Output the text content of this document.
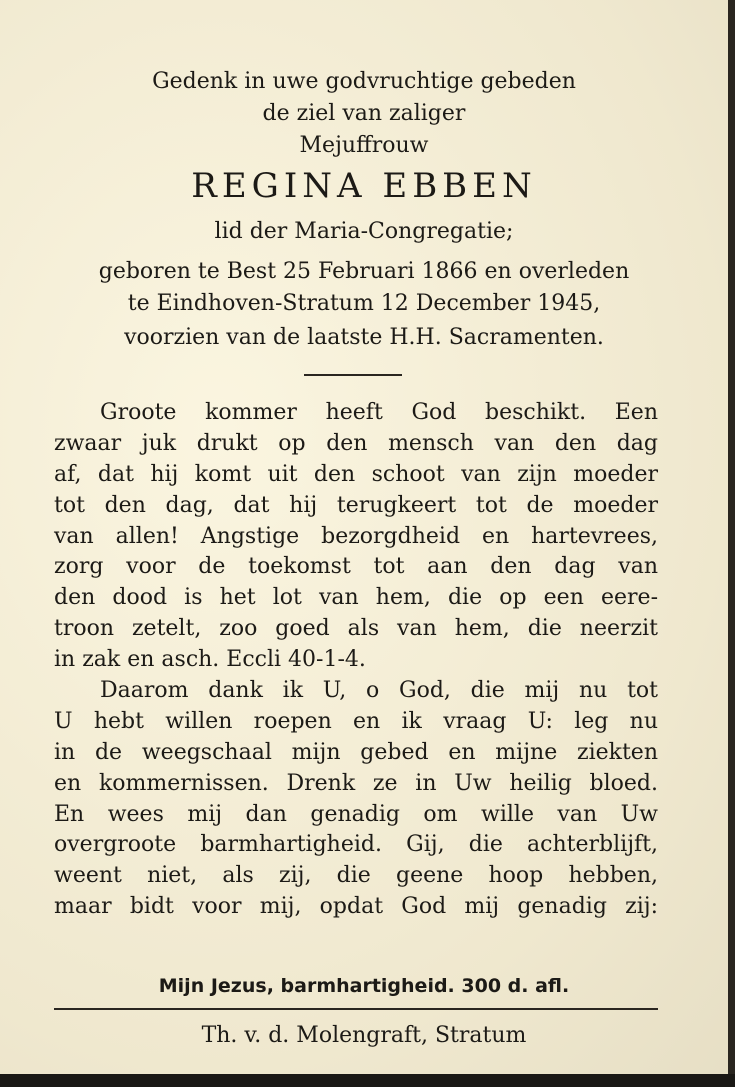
Gedenk in uwe godvruchtige gebeden
de ziel van zaliger
Mejuffrouw
REGINA EBBEN
lid der Maria-Congregatie;
geboren te Best 25 Februari 1866 en overleden
te Eindhoven-Stratum 12 December 1945,
voorzien van de laatste H.H. Sacramenten.
Groote kommer heeft God beschikt. Een
zwaar juk drukt op den mensch van den dag
af, dat hij komt uit den schoot van zijn moeder
tot den dag, dat hij terugkeert tot de moeder
van allen! Angstige bezorgdheid en hartevrees,
zorg voor de toekomst tot aan den dag van
den dood is het lot van hem, die op een eere-
troon zetelt, zoo goed als van hem, die neerzit
in zak en asch. Eccli 40-1-4.
Daarom dank ik U, o God, die mij nu tot
U hebt willen roepen en ik vraag U: leg nu
in de weegschaal mijn gebed en mijne ziekten
en kommernissen. Drenk ze in Uw heilig bloed.
En wees mij dan genadig om wille van Uw
overgroote barmhartigheid. Gij, die achterblijft,
weent niet, als zij, die geene hoop hebben,
maar bidt voor mij, opdat God mij genadig zij:
Mijn Jezus, barmhartigheid. 300 d. afl.
Th. v. d. Molengraft, Stratum
